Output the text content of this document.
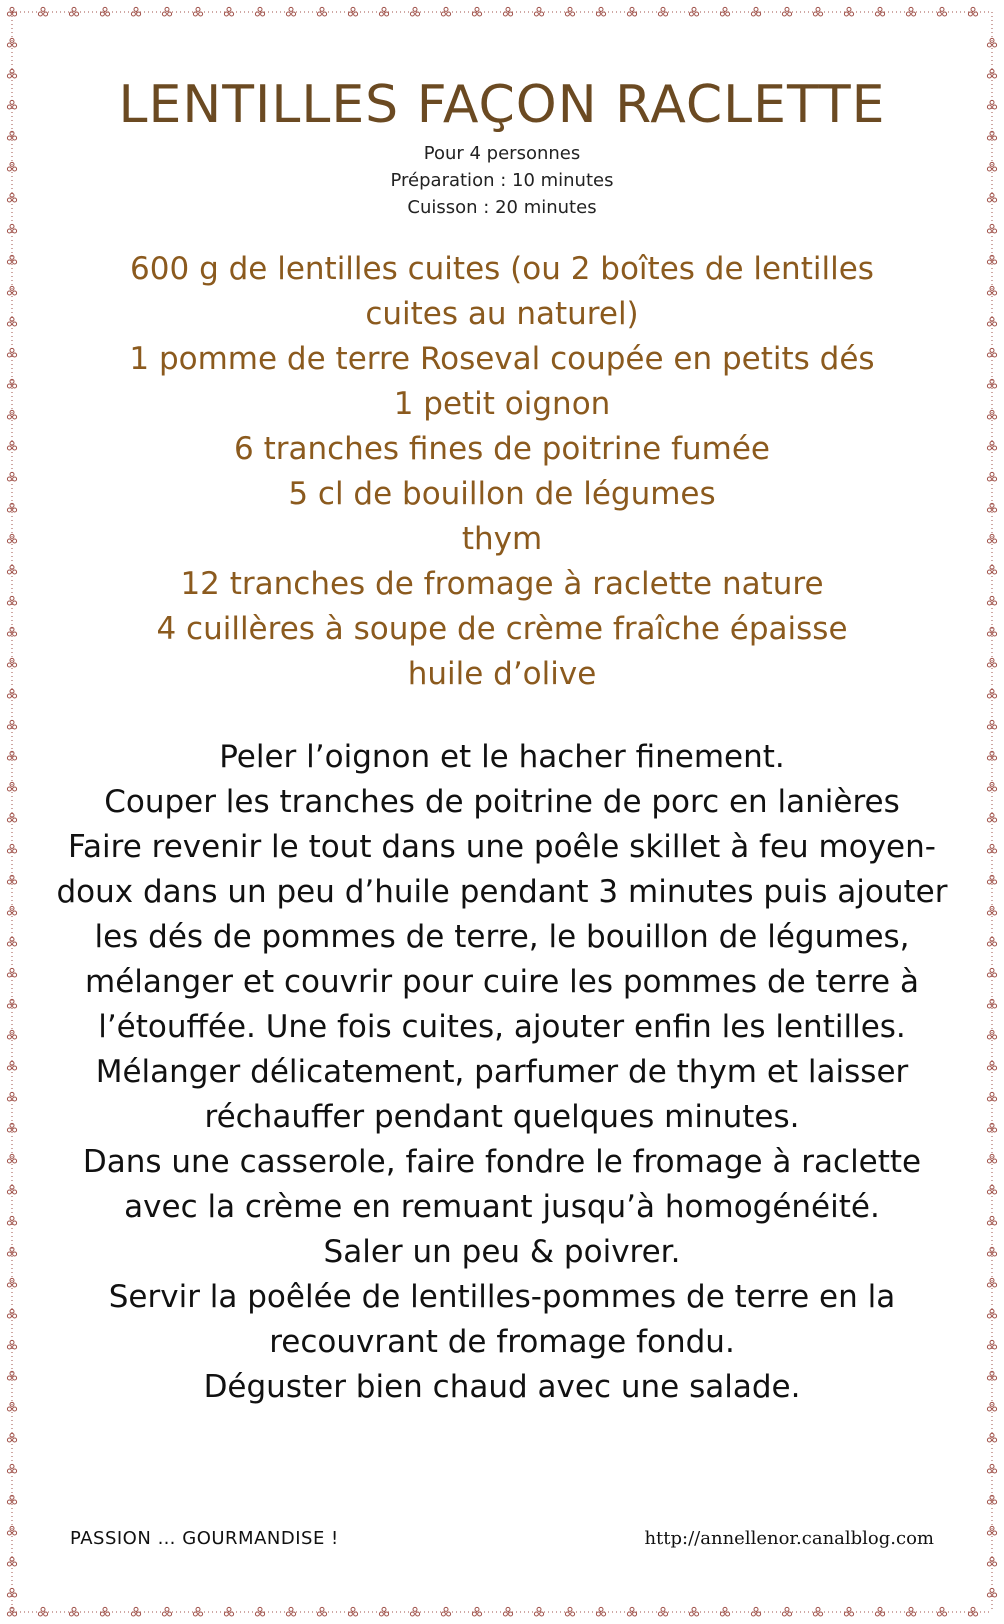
LENTILLES FAÇON RACLETTE

Pour 4 personnes

Préparation : 10 minutes

Cuisson : 20 minutes

600 g de lentilles cuites (ou 2 boîtes de lentilles cuites au naturel)
1 pomme de terre Roseval coupée en petits dés
1 petit oignon
6 tranches fines de poitrine fumée
5 cl de bouillon de légumes
thym
12 tranches de fromage à raclette nature
4 cuillères à soupe de crème fraîche épaisse
huile d’olive
Peler l’oignon et le hacher finement.
Couper les tranches de poitrine de porc en lanières
Faire revenir le tout dans une poêle skillet à feu moyen-doux dans un peu d’huile pendant 3 minutes puis ajouter les dés de pommes de terre, le bouillon de légumes, mélanger et couvrir pour cuire les pommes de terre à l’étouffée. Une fois cuites, ajouter enfin les lentilles. Mélanger délicatement, parfumer de thym et laisser réchauffer pendant quelques minutes.
Dans une casserole, faire fondre le fromage à raclette avec la crème en remuant jusqu’à homogénéité.
Saler un peu & poivrer.
Servir la poêlée de lentilles-pommes de terre en la recouvrant de fromage fondu.
Déguster bien chaud avec une salade.
PASSION … GOURMANDISE !	http://annellenor.canalblog.com
